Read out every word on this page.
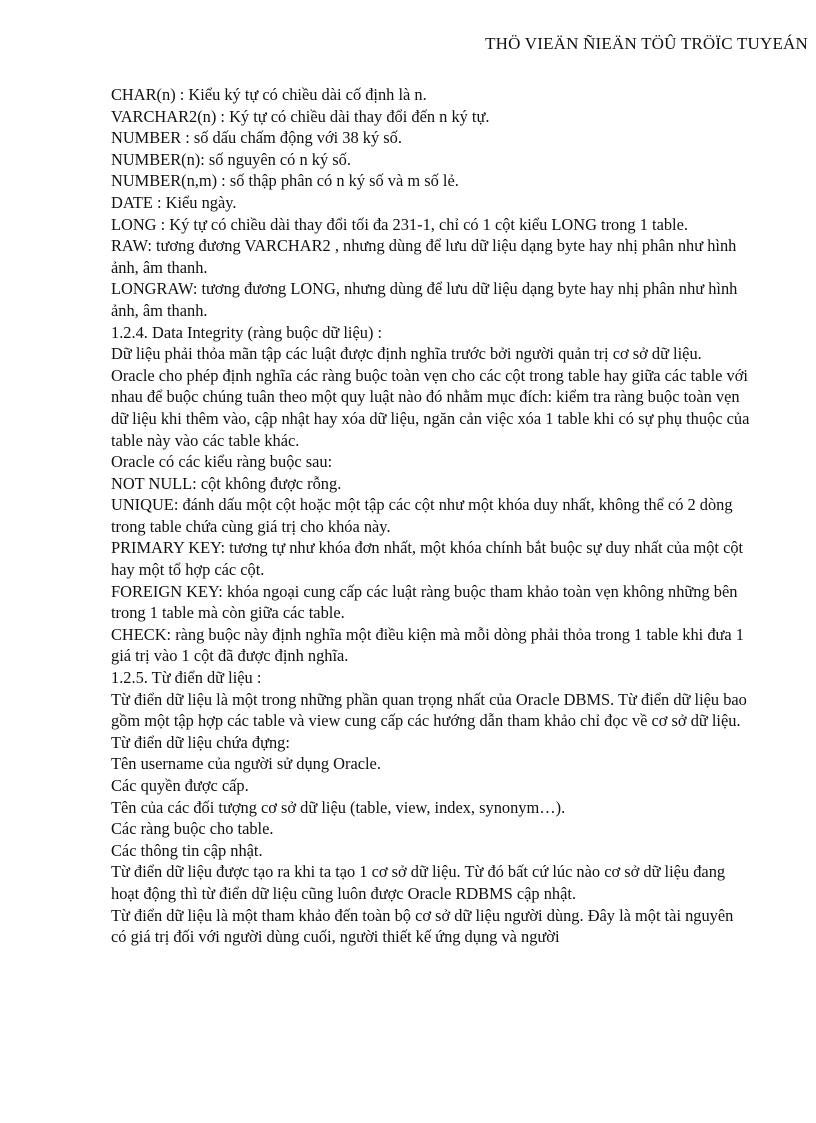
THÖ VIEÄN ÑIEÄN TÖÛ TRÖÏC TUYEÁN

CHAR(n) : Kiểu ký tự có chiều dài cố định là n.

VARCHAR2(n) : Ký tự có chiều dài thay đổi đến n ký tự.

NUMBER : số dấu chấm động với 38 ký số.

NUMBER(n): số nguyên có n ký số.

NUMBER(n,m) : số thập phân có n ký số và m số lẻ.

DATE : Kiểu ngày.

LONG : Ký tự có chiều dài thay đổi tối đa 231-1, chỉ có 1 cột kiểu LONG trong 1 table.

RAW: tương đương VARCHAR2 , nhưng dùng để lưu dữ liệu dạng byte hay nhị phân như hình ảnh, âm thanh.

LONGRAW: tương đương LONG, nhưng dùng để lưu dữ liệu dạng byte hay nhị phân như hình ảnh, âm thanh.

1.2.4. Data Integrity (ràng buộc dữ liệu) :

Dữ liệu phải thỏa mãn tập các luật được định nghĩa trước bởi người quản trị cơ sở dữ liệu.

Oracle cho phép định nghĩa các ràng buộc toàn vẹn cho các cột trong table hay giữa các table với nhau để buộc chúng tuân theo một quy luật nào đó nhằm mục đích: kiểm tra ràng buộc toàn vẹn dữ liệu khi thêm vào, cập nhật hay xóa dữ liệu, ngăn cản việc xóa 1 table khi có sự phụ thuộc của table này vào các table khác.

Oracle có các kiểu ràng buộc sau:

NOT NULL: cột không được rỗng.

UNIQUE: đánh dấu một cột hoặc một tập các cột như một khóa duy nhất, không thể có 2 dòng trong table chứa cùng giá trị cho khóa này.

PRIMARY KEY: tương tự như khóa đơn nhất, một khóa chính bắt buộc sự duy nhất của một cột hay một tổ hợp các cột.

FOREIGN KEY: khóa ngoại cung cấp các luật ràng buộc tham khảo toàn vẹn không những bên trong 1 table mà còn giữa các table.

CHECK: ràng buộc này định nghĩa một điều kiện mà mỗi dòng phải thỏa trong 1 table khi đưa 1 giá trị vào 1 cột đã được định nghĩa.

1.2.5. Từ điển dữ liệu :

Từ điển dữ liệu là một trong những phần quan trọng nhất của Oracle DBMS. Từ điển dữ liệu bao gồm một tập hợp các table và view cung cấp các hướng dẫn tham khảo chỉ đọc về cơ sở dữ liệu. Từ điển dữ liệu chứa đựng:

Tên username của người sử dụng Oracle.

Các quyền được cấp.

Tên của các đối tượng cơ sở dữ liệu (table, view, index, synonym…).

Các ràng buộc cho table.

Các thông tin cập nhật.

Từ điển dữ liệu được tạo ra khi ta tạo 1 cơ sở dữ liệu. Từ đó bất cứ lúc nào cơ sở dữ liệu đang hoạt động thì từ điển dữ liệu cũng luôn được Oracle RDBMS cập nhật.

Từ điển dữ liệu là một tham khảo đến toàn bộ cơ sở dữ liệu người dùng. Đây là một tài nguyên có giá trị đối với người dùng cuối, người thiết kế ứng dụng và người
